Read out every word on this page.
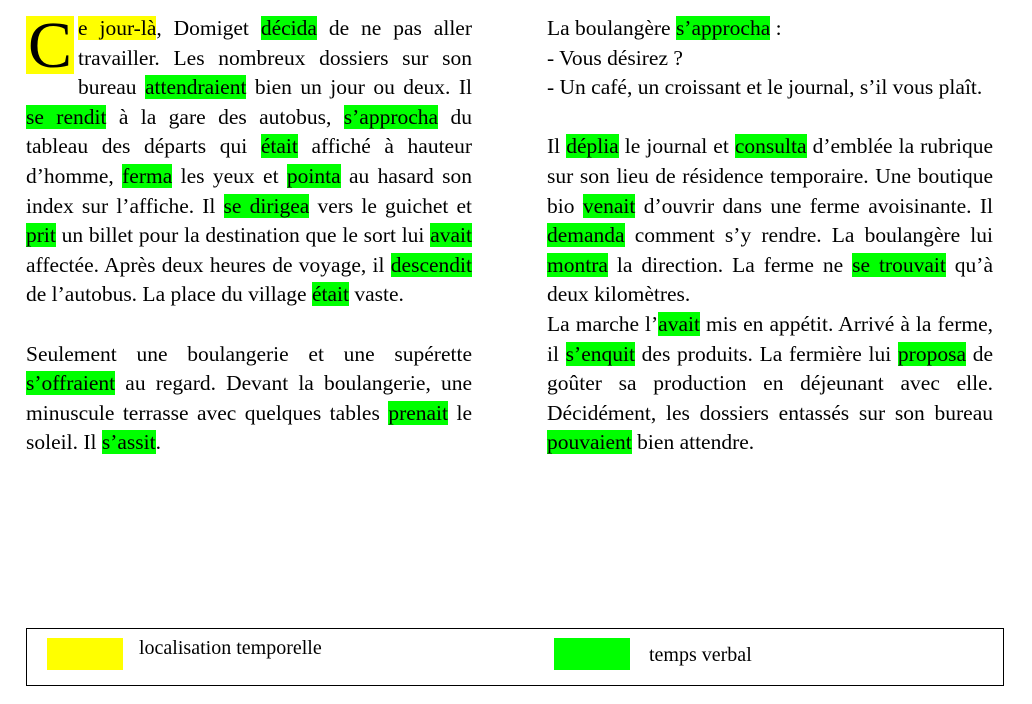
C e jour-là, Domiget décida de ne pas aller travailler. Les nombreux dossiers sur son bureau attendraient bien un jour ou deux. Il se rendit à la gare des autobus, s’approcha du tableau des départs qui était affiché à hauteur d’homme, ferma les yeux et pointa au hasard son index sur l’affiche. Il se dirigea vers le guichet et prit un billet pour la destination que le sort lui avait affectée. Après deux heures de voyage, il descendit de l’autobus. La place du village était vaste.

Seulement une boulangerie et une supérette s’offraient au regard. Devant la boulangerie, une minuscule terrasse avec quelques tables prenait le soleil. Il s’assit.

La boulangère s’approcha :
- Vous désirez ?
- Un café, un croissant et le journal, s’il vous plaît.

Il déplia le journal et consulta d’emblée la rubrique sur son lieu de résidence temporaire. Une boutique bio venait d’ouvrir dans une ferme avoisinante. Il demanda comment s’y rendre. La boulangère lui montra la direction. La ferme ne se trouvait qu’à deux kilomètres.
La marche l’avait mis en appétit. Arrivé à la ferme, il s’enquit des produits. La fermière lui proposa de goûter sa production en déjeunant avec elle. Décidément, les dossiers entassés sur son bureau pouvaient bien attendre.

localisation temporelle	temps verbal
